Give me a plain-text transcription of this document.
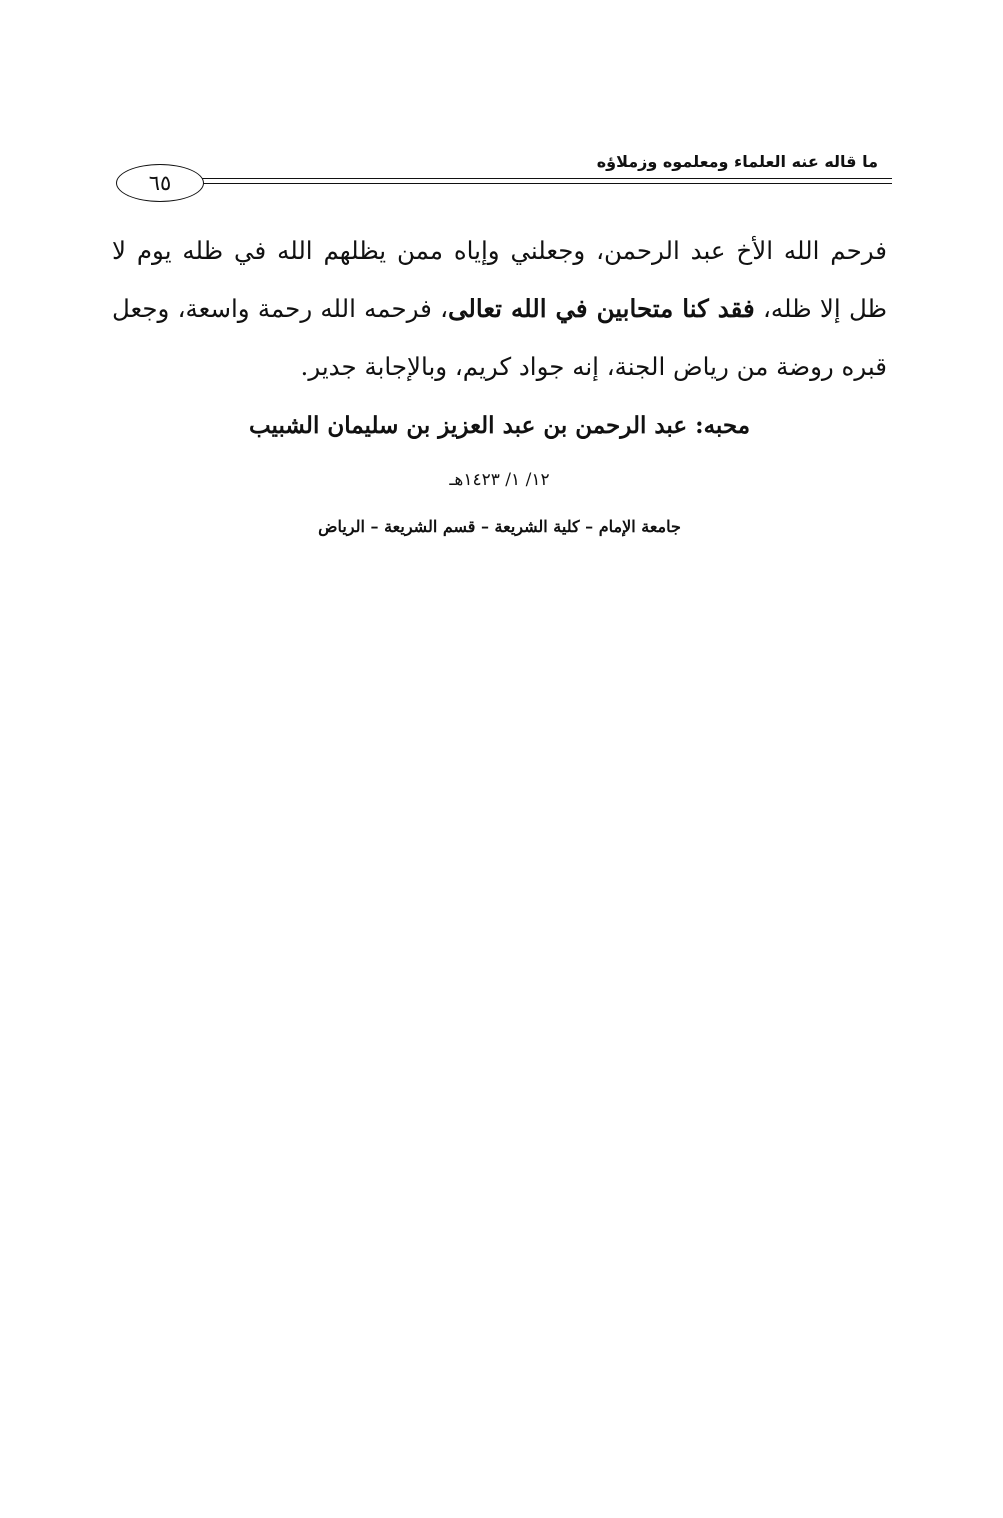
ما قاله عنه العلماء ومعلموه وزملاؤه
٦٥

فرحم الله الأخ عبد الرحمن، وجعلني وإياه ممن يظلهم الله في ظله يوم لا ظل إلا ظله، فقد كنا متحابين في الله تعالى، فرحمه الله رحمة واسعة، وجعل قبره روضة من رياض الجنة، إنه جواد كريم، وبالإجابة جدير.

محبه: عبد الرحمن بن عبد العزيز بن سليمان الشبيب
١٢/ ١/ ١٤٢٣هـ
جامعة الإمام – كلية الشريعة – قسم الشريعة – الرياض
